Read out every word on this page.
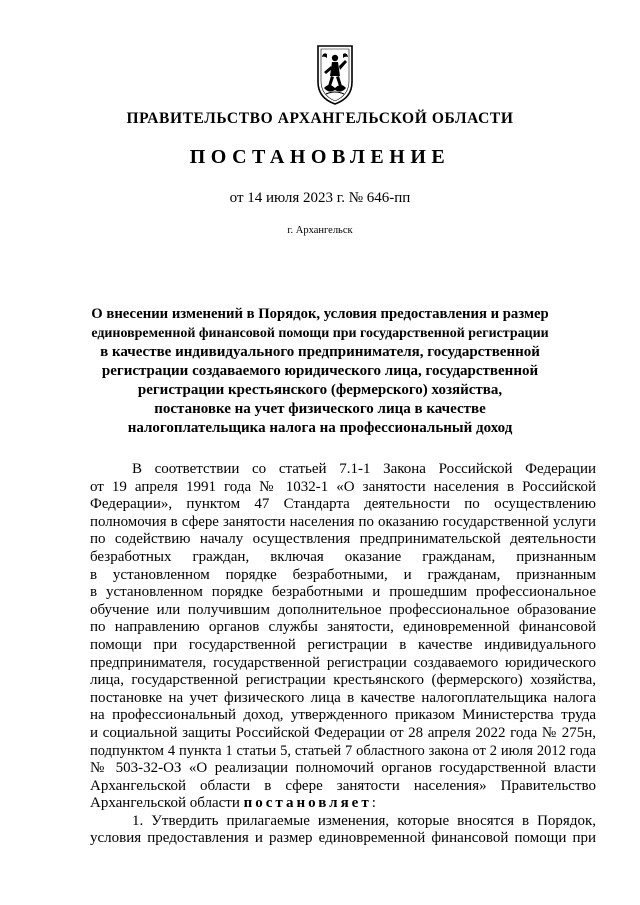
ПРАВИТЕЛЬСТВО АРХАНГЕЛЬСКОЙ ОБЛАСТИ
ПОСТАНОВЛЕНИЕ
от 14 июля 2023 г. № 646-пп
г. Архангельск
О внесении изменений в Порядок, условия предоставления и размер
единовременной финансовой помощи при государственной регистрации
в качестве индивидуального предпринимателя, государственной
регистрации создаваемого юридического лица, государственной
регистрации крестьянского (фермерского) хозяйства,
постановке на учет физического лица в качестве
налогоплательщика налога на профессиональный доход
В соответствии со статьей 7.1-1 Закона Российской Федерации
от 19 апреля 1991 года № 1032-1 «О занятости населения в Российской
Федерации», пунктом 47 Стандарта деятельности по осуществлению
полномочия в сфере занятости населения по оказанию государственной услуги
по содействию началу осуществления предпринимательской деятельности
безработных граждан, включая оказание гражданам, признанным
в установленном порядке безработными, и гражданам, признанным
в установленном порядке безработными и прошедшим профессиональное
обучение или получившим дополнительное профессиональное образование
по направлению органов службы занятости, единовременной финансовой
помощи при государственной регистрации в качестве индивидуального
предпринимателя, государственной регистрации создаваемого юридического
лица, государственной регистрации крестьянского (фермерского) хозяйства,
постановке на учет физического лица в качестве налогоплательщика налога
на профессиональный доход, утвержденного приказом Министерства труда
и социальной защиты Российской Федерации от 28 апреля 2022 года № 275н,
подпунктом 4 пункта 1 статьи 5, статьей 7 областного закона от 2 июля 2012 года
№ 503-32-ОЗ «О реализации полномочий органов государственной власти
Архангельской области в сфере занятости населения» Правительство
Архангельской области постановляет:
1. Утвердить прилагаемые изменения, которые вносятся в Порядок,
условия предоставления и размер единовременной финансовой помощи при
